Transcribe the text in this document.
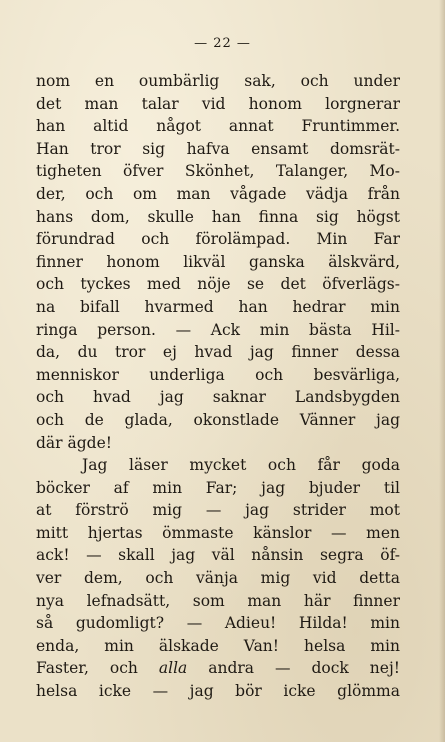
— 22 —
nom en oumbärlig sak, och under
det man talar vid honom lorgnerar
han altid något annat Fruntimmer.
Han tror sig hafva ensamt domsrät-
tigheten öfver Skönhet, Talanger, Mo-
der, och om man vågade vädja från
hans dom, skulle han finna sig högst
förundrad och förolämpad. Min Far
finner honom likväl ganska älskvärd,
och tyckes med nöje se det öfverlägs-
na bifall hvarmed han hedrar min
ringa person. — Ack min bästa Hil-
da, du tror ej hvad jag finner dessa
menniskor underliga och besvärliga,
och hvad jag saknar Landsbygden
och de glada, okonstlade Vänner jag
där ägde!
Jag läser mycket och får goda
böcker af min Far; jag bjuder til
at förströ mig — jag strider mot
mitt hjertas ömmaste känslor — men
ack! — skall jag väl nånsin segra öf-
ver dem, och vänja mig vid detta
nya lefnadsätt, som man här finner
så gudomligt? — Adieu! Hilda! min
enda, min älskade Van! helsa min
Faster, och alla andra — dock nej!
helsa icke — jag bör icke glömma
